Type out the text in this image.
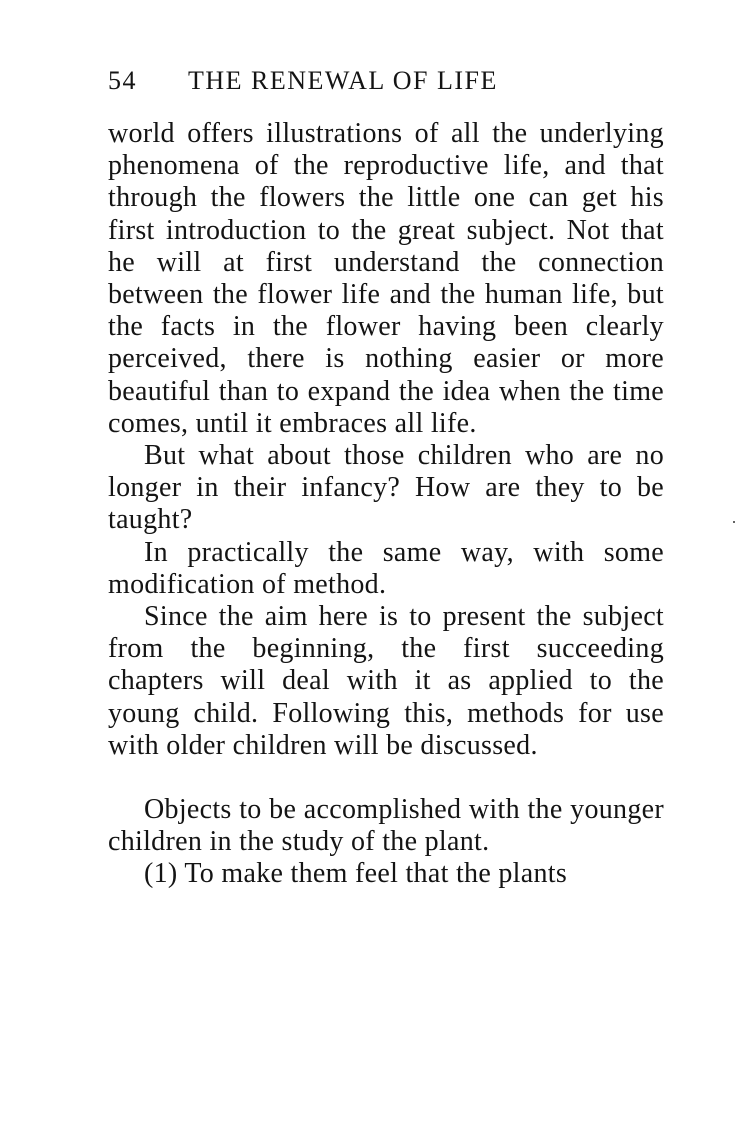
54 THE RENEWAL OF LIFE

world offers illustrations of all the underlying phenomena of the reproductive life, and that through the flowers the little one can get his first introduction to the great subject. Not that he will at first understand the connection between the flower life and the human life, but the facts in the flower having been clearly perceived, there is nothing easier or more beautiful than to expand the idea when the time comes, until it embraces all life.

But what about those children who are no longer in their infancy? How are they to be taught?

In practically the same way, with some modification of method.

Since the aim here is to present the subject from the beginning, the first succeeding chapters will deal with it as applied to the young child. Following this, methods for use with older children will be discussed.

Objects to be accomplished with the younger children in the study of the plant.

(1) To make them feel that the plants
